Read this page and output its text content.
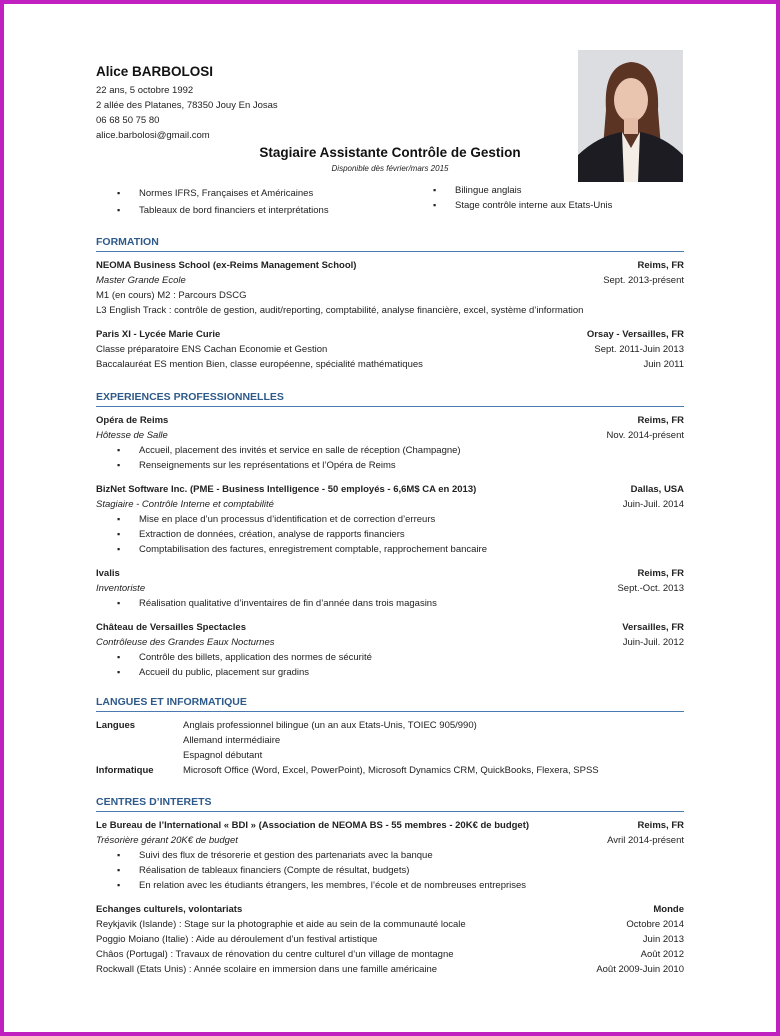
Alice BARBOLOSI
22 ans, 5 octobre 1992
2 allée des Platanes, 78350 Jouy En Josas
06 68 50 75 80
alice.barbolosi@gmail.com
Stagiaire Assistante Contrôle de Gestion
Disponible dès février/mars 2015
▪ Normes IFRS, Françaises et Américaines
▪ Tableaux de bord financiers et interprétations
▪ Bilingue anglais
▪ Stage contrôle interne aux Etats-Unis
FORMATION
NEOMA Business School (ex-Reims Management School)	Reims, FR
Master Grande Ecole	Sept. 2013-présent
M1 (en cours) M2 : Parcours DSCG
L3 English Track : contrôle de gestion, audit/reporting, comptabilité, analyse financière, excel, système d’information
Paris XI - Lycée Marie Curie	Orsay - Versailles, FR
Classe préparatoire ENS Cachan Economie et Gestion	Sept. 2011-Juin 2013
Baccalauréat ES mention Bien, classe européenne, spécialité mathématiques	Juin 2011
EXPERIENCES PROFESSIONNELLES
Opéra de Reims	Reims, FR
Hôtesse de Salle	Nov. 2014-présent
▪ Accueil, placement des invités et service en salle de réception (Champagne)
▪ Renseignements sur les représentations et l’Opéra de Reims
BizNet Software Inc. (PME - Business Intelligence - 50 employés - 6,6M$ CA en 2013)	Dallas, USA
Stagiaire - Contrôle Interne et comptabilité	Juin-Juil. 2014
▪ Mise en place d’un processus d’identification et de correction d’erreurs
▪ Extraction de données, création, analyse de rapports financiers
▪ Comptabilisation des factures, enregistrement comptable, rapprochement bancaire
Ivalis	Reims, FR
Inventoriste	Sept.-Oct. 2013
▪ Réalisation qualitative d’inventaires de fin d’année dans trois magasins
Château de Versailles Spectacles	Versailles, FR
Contrôleuse des Grandes Eaux Nocturnes	Juin-Juil. 2012
▪ Contrôle des billets, application des normes de sécurité
▪ Accueil du public, placement sur gradins
LANGUES ET INFORMATIQUE
Langues	Anglais professionnel bilingue (un an aux Etats-Unis, TOIEC 905/990)
Allemand intermédiaire
Espagnol débutant
Informatique	Microsoft Office (Word, Excel, PowerPoint), Microsoft Dynamics CRM, QuickBooks, Flexera, SPSS
CENTRES D’INTERETS
Le Bureau de l’International « BDI » (Association de NEOMA BS - 55 membres - 20K€ de budget)	Reims, FR
Trésorière gérant 20K€ de budget	Avril 2014-présent
▪ Suivi des flux de trésorerie et gestion des partenariats avec la banque
▪ Réalisation de tableaux financiers (Compte de résultat, budgets)
▪ En relation avec les étudiants étrangers, les membres, l’école et de nombreuses entreprises
Echanges culturels, volontariats	Monde
Reykjavik (Islande) : Stage sur la photographie et aide au sein de la communauté locale	Octobre 2014
Poggio Moiano (Italie) : Aide au déroulement d’un festival artistique	Juin 2013
Châos (Portugal) : Travaux de rénovation du centre culturel d’un village de montagne	Août 2012
Rockwall (Etats Unis) : Année scolaire en immersion dans une famille américaine	Août 2009-Juin 2010
